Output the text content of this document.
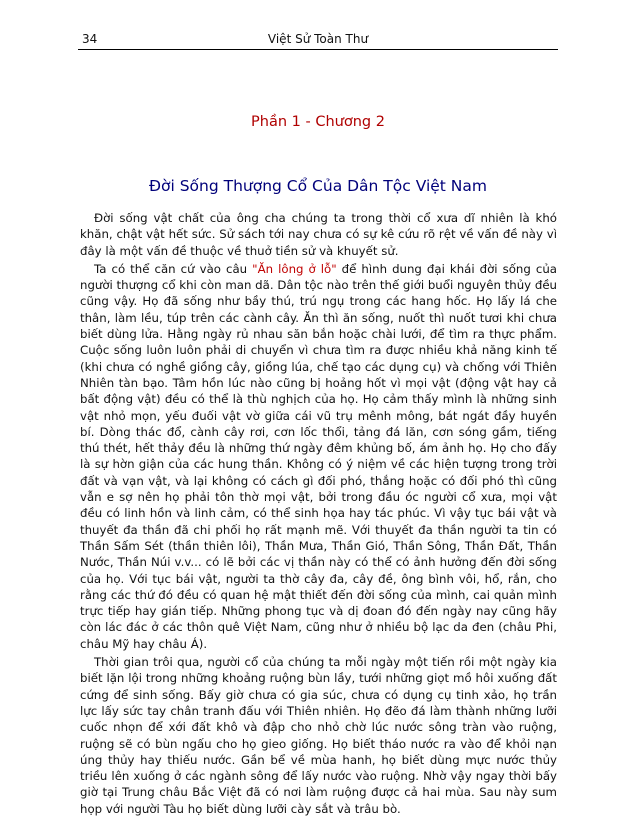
34	Việt Sử Toàn Thư
Phần 1 - Chương 2
Đời Sống Thượng Cổ Của Dân Tộc Việt Nam

Đời sống vật chất của ông cha chúng ta trong thời cổ xưa dĩ nhiên là khó khăn, chật vật hết sức. Sử sách tới nay chưa có sự kê cứu rõ rệt về vấn đề này vì đây là một vấn đề thuộc về thuở tiền sử và khuyết sử.

Ta có thể căn cứ vào câu "Ăn lông ở lỗ" để hình dung đại khái đời sống của người thượng cổ khi còn man dã. Dân tộc nào trên thế giới buổi nguyên thủy đều cũng vậy. Họ đã sống như bầy thú, trú ngụ trong các hang hốc. Họ lấy lá che thân, làm lều, túp trên các cành cây. Ăn thì ăn sống, nuốt thì nuốt tươi khi chưa biết dùng lửa. Hằng ngày rủ nhau săn bắn hoặc chài lưới, để tìm ra thực phẩm. Cuộc sống luôn luôn phải di chuyển vì chưa tìm ra được nhiều khả năng kinh tế (khi chưa có nghề giồng cây, giồng lúa, chế tạo các dụng cụ) và chống với Thiên Nhiên tàn bạo. Tâm hồn lúc nào cũng bị hoảng hốt vì mọi vật (động vật hay cả bất động vật) đều có thể là thù nghịch của họ. Họ cảm thấy mình là những sinh vật nhỏ mọn, yếu đuối vật vờ giữa cái vũ trụ mênh mông, bát ngát đầy huyền bí. Dòng thác đổ, cành cây rơi, cơn lốc thổi, tảng đá lăn, cơn sóng gầm, tiếng thú thét, hết thảy đều là những thứ ngày đêm khủng bố, ám ảnh họ. Họ cho đấy là sự hờn giận của các hung thần. Không có ý niệm về các hiện tượng trong trời đất và vạn vật, và lại không có cách gì đối phó, thắng hoặc có đối phó thì cũng vẫn e sợ nên họ phải tôn thờ mọi vật, bởi trong đầu óc người cổ xưa, mọi vật đều có linh hồn và linh cảm, có thể sinh họa hay tác phúc. Vì vậy tục bái vật và thuyết đa thần đã chi phối họ rất mạnh mẽ. Với thuyết đa thần người ta tin có Thần Sấm Sét (thần thiên lôi), Thần Mưa, Thần Gió, Thần Sông, Thần Đất, Thần Nước, Thần Núi v.v... có lẽ bởi các vị thần này có thể có ảnh hưởng đến đời sống của họ. Với tục bái vật, người ta thờ cây đa, cây đề, ông bình vôi, hổ, rắn, cho rằng các thứ đó đều có quan hệ mật thiết đến đời sống của mình, cai quản mình trực tiếp hay gián tiếp. Những phong tục và dị đoan đó đến ngày nay cũng hãy còn lác đác ở các thôn quê Việt Nam, cũng như ở nhiều bộ lạc da đen (châu Phi, châu Mỹ hay châu Á).

Thời gian trôi qua, người cổ của chúng ta mỗi ngày một tiến rồi một ngày kia biết lặn lội trong những khoảng ruộng bùn lầy, tưới những giọt mồ hôi xuống đất cứng để sinh sống. Bấy giờ chưa có gia súc, chưa có dụng cụ tinh xảo, họ trần lực lấy sức tay chân tranh đấu với Thiên nhiên. Họ đẽo đá làm thành những lưỡi cuốc nhọn để xới đất khô và đập cho nhỏ chờ lúc nước sông tràn vào ruộng, ruộng sẽ có bùn ngấu cho họ gieo giống. Họ biết tháo nước ra vào để khỏi nạn úng thủy hay thiếu nước. Gần bể về mùa hanh, họ biết dùng mực nước thủy triều lên xuống ở các ngành sông để lấy nước vào ruộng. Nhờ vậy ngay thời bấy giờ tại Trung châu Bắc Việt đã có nơi làm ruộng được cả hai mùa. Sau này sum họp với người Tàu họ biết dùng lưỡi cày sắt và trâu bò.
